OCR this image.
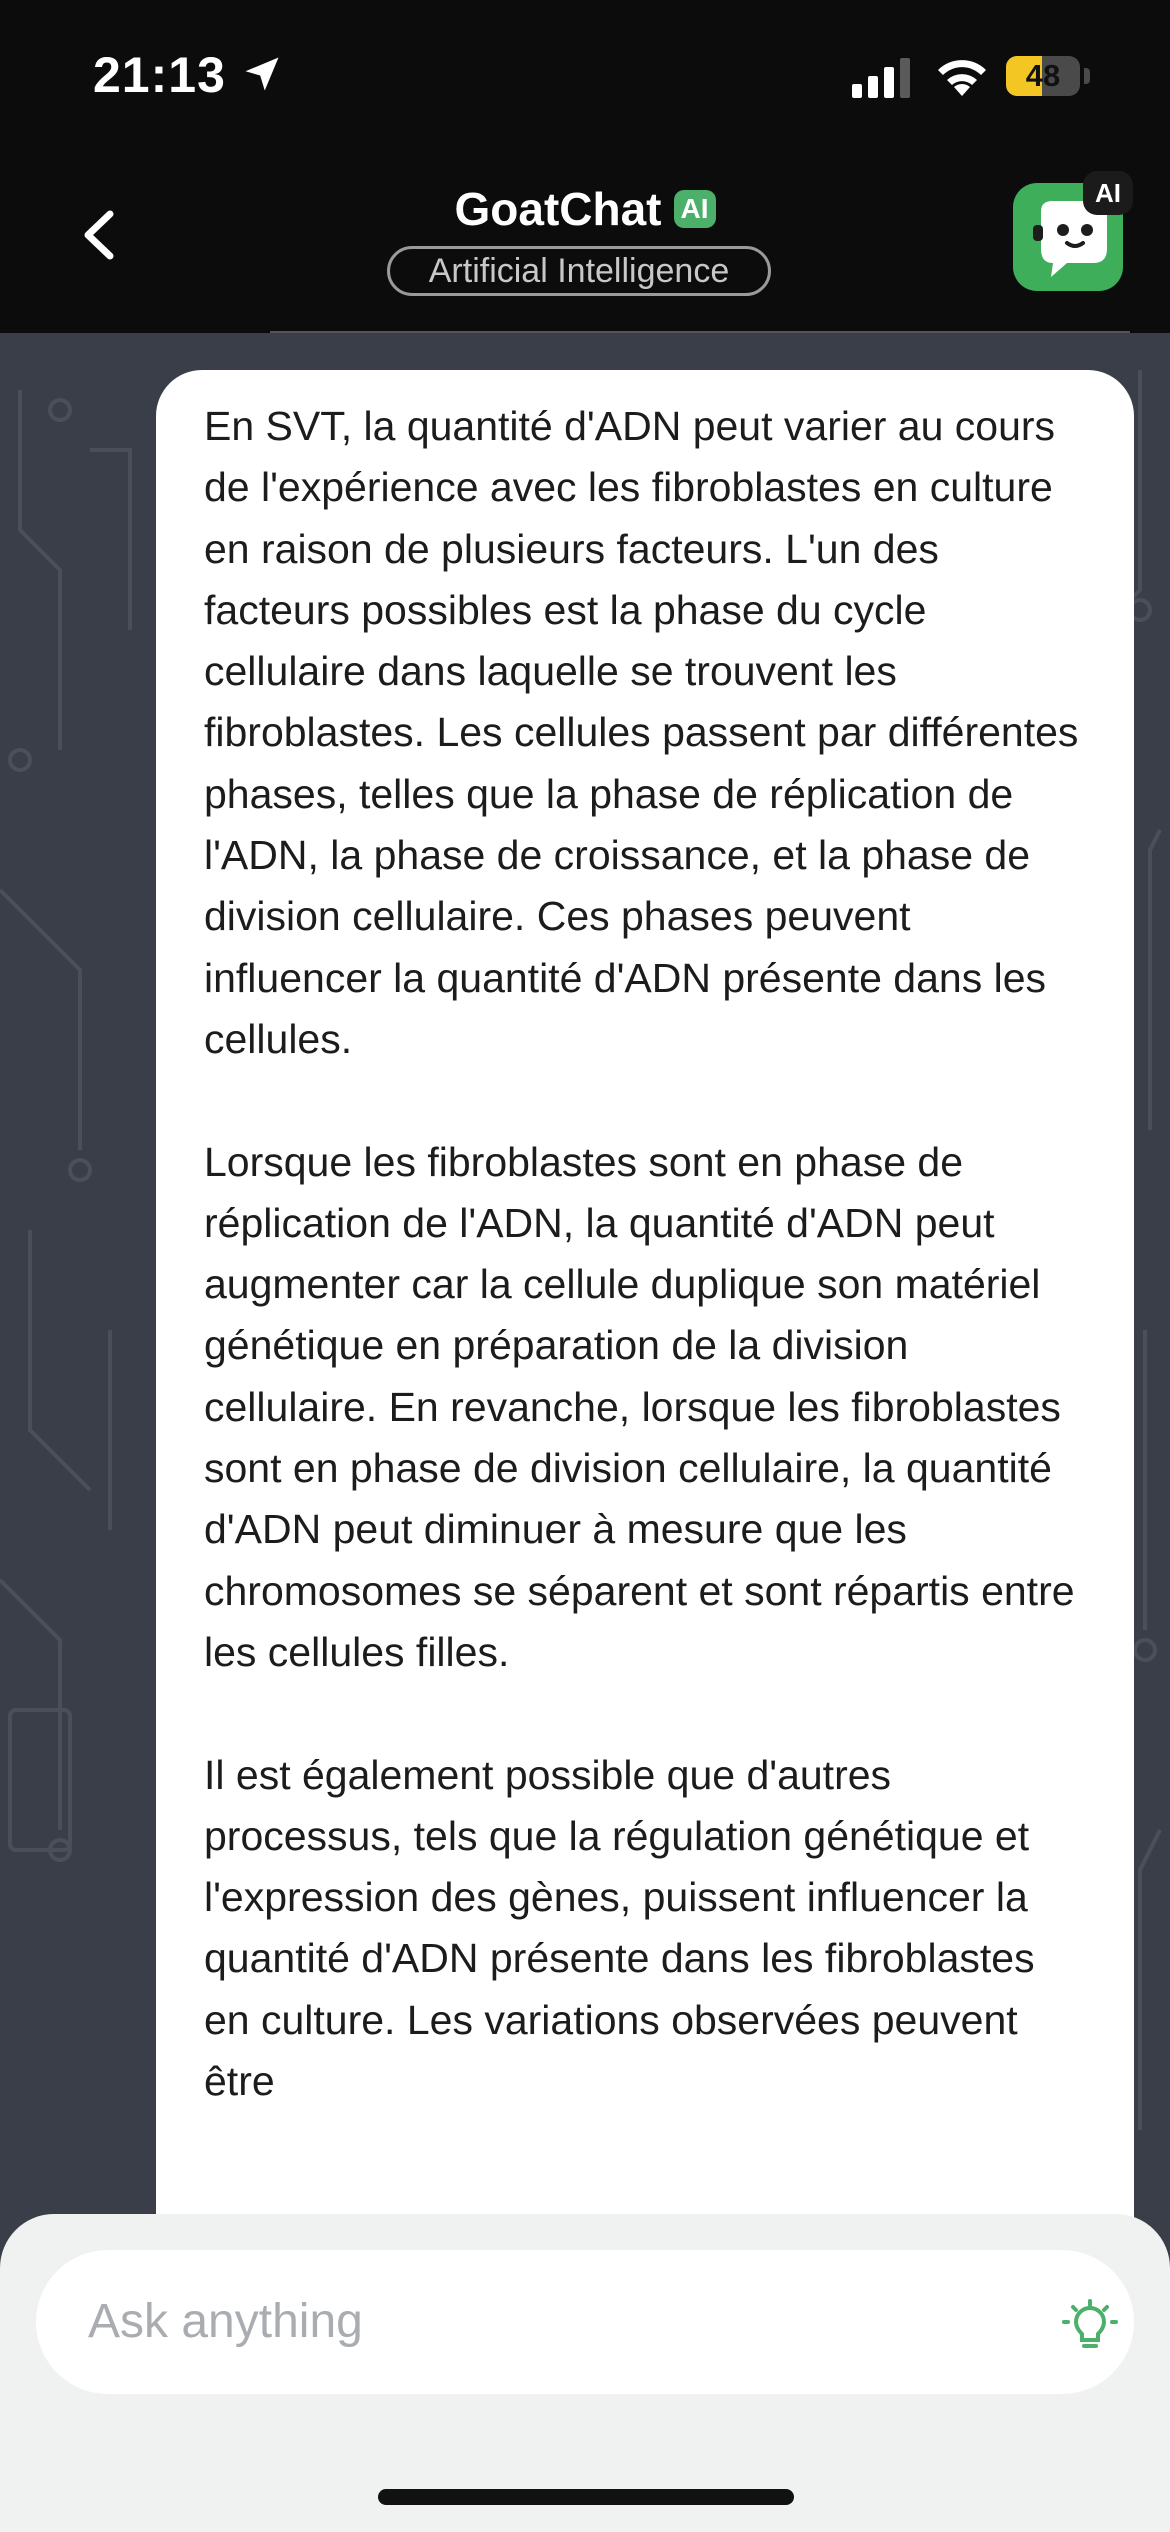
21:13	48
GoatChat AI
Artificial Intelligence
AI

En SVT, la quantité d'ADN peut varier au cours de l'expérience avec les fibroblastes en culture en raison de plusieurs facteurs. L'un des facteurs possibles est la phase du cycle cellulaire dans laquelle se trouvent les fibroblastes. Les cellules passent par différentes phases, telles que la phase de réplication de l'ADN, la phase de croissance, et la phase de division cellulaire. Ces phases peuvent influencer la quantité d'ADN présente dans les cellules.

Lorsque les fibroblastes sont en phase de réplication de l'ADN, la quantité d'ADN peut augmenter car la cellule duplique son matériel génétique en préparation de la division cellulaire. En revanche, lorsque les fibroblastes sont en phase de division cellulaire, la quantité d'ADN peut diminuer à mesure que les chromosomes se séparent et sont répartis entre les cellules filles.

Il est également possible que d'autres processus, tels que la régulation génétique et l'expression des gènes, puissent influencer la quantité d'ADN présente dans les fibroblastes en culture. Les variations observées peuvent être

Ask anything
